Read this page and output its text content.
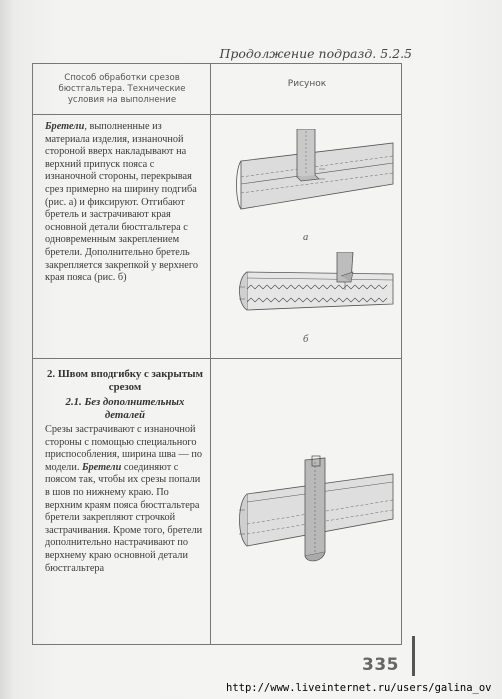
Продолжение подразд. 5.2.5
Способ обработки срезов бюстгальтера. Технические условия на выполнение
Рисунок
Бретели, выполненные из материала изделия, изнаночной стороной вверх накладывают на верхний припуск пояса с изнаночной стороны, перекрывая срез примерно на ширину подгиба (рис. а) и фиксируют. Отгибают бретель и застрачивают края основной детали бюстгальтера с одновременным закреплением бретели. Дополнительно бретель закрепляется закрепкой у верхнего края пояса (рис. б)
2. Швом вподгибку с закрытым срезом
2.1. Без дополнительных деталей
Срезы застрачивают с изнаночной стороны с помощью специального приспособления, ширина шва — по модели. Бретели соединяют с поясом так, чтобы их срезы попали в шов по нижнему краю. По верхним краям пояса бюстгальтера бретели закрепляют строчкой застрачивания. Кроме того, бретели дополнительно настрачивают по верхнему краю основной детали бюстгальтера
а
б
335
http://www.liveinternet.ru/users/galina_ov
